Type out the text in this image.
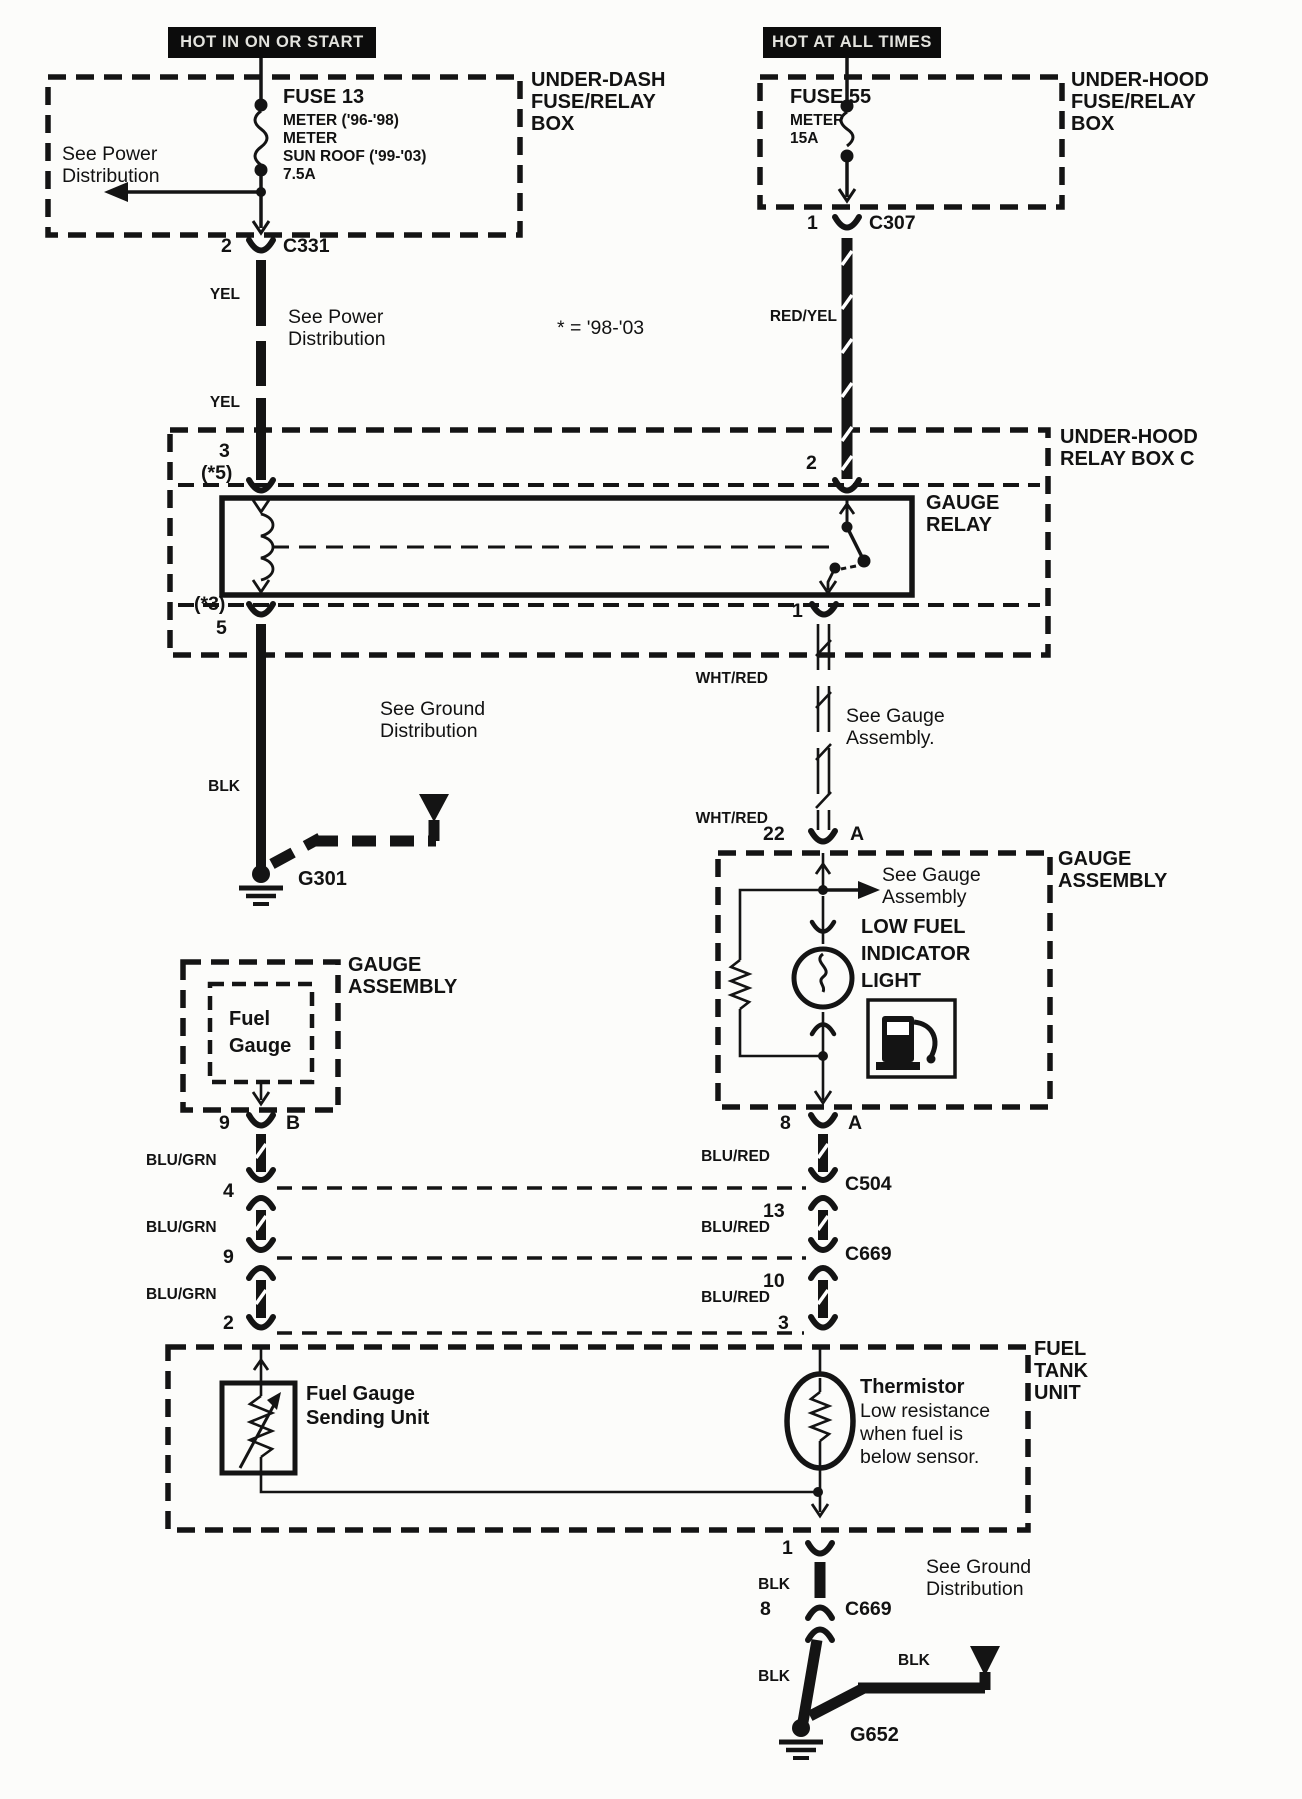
HOT IN ON OR START	HOT AT ALL TIMES
UNDER-DASH
FUSE/RELAY
BOX
FUSE 13
METER ('96-'98)
METER
SUN ROOF ('99-'03)
7.5A
See Power
Distribution
UNDER-HOOD
FUSE/RELAY
BOX
FUSE 55
METER
15A
2	C331
1	C307
YEL
See Power
Distribution	* = '98-'03
RED/YEL
YEL
UNDER-HOOD
RELAY BOX C
3
(*5)	2
GAUGE
RELAY
(*3)
5
1
BLK
See Ground
Distribution
G301
WHT/RED
See Gauge
Assembly.
WHT/RED
22	A
GAUGE
ASSEMBLY
See Gauge
Assembly
LOW FUEL
INDICATOR
LIGHT
8	A
GAUGE
ASSEMBLY
Fuel
Gauge
9	B
BLU/GRN
4
BLU/GRN
9
BLU/GRN
2
BLU/RED
C504
13
BLU/RED
C669
10
BLU/RED
3
FUEL
TANK
UNIT
Fuel Gauge
Sending Unit
Thermistor
Low resistance
when fuel is
below sensor.
1
BLK
8	C669
BLK
See Ground
Distribution
BLK
G652
